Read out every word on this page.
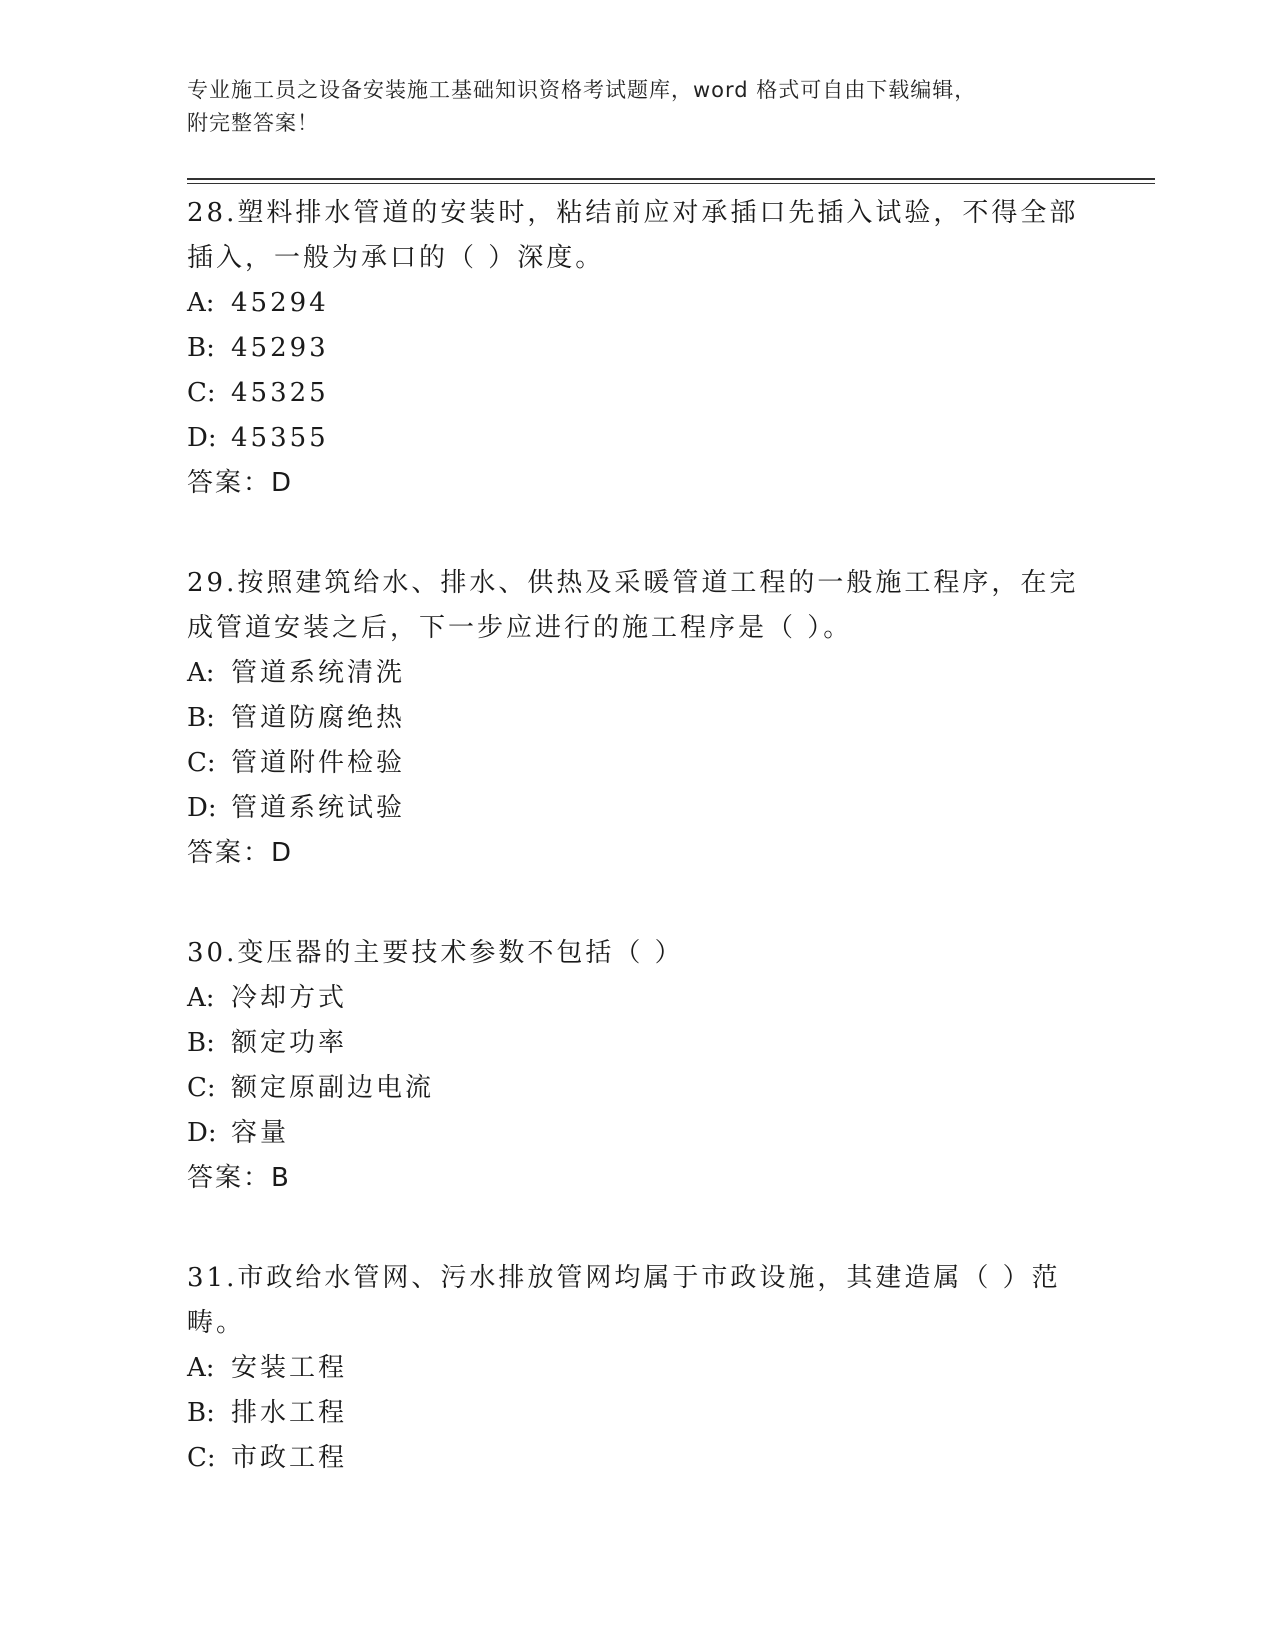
专业施工员之设备安装施工基础知识资格考试题库，word 格式可自由下载编辑，
附完整答案！
28.塑料排水管道的安装时，粘结前应对承插口先插入试验，不得全部插入，一般为承口的（ ）深度。
A: 45294
B: 45293
C: 45325
D: 45355
答案：D
29.按照建筑给水、排水、供热及采暖管道工程的一般施工程序，在完成管道安装之后，下一步应进行的施工程序是（ ）。
A: 管道系统清洗
B: 管道防腐绝热
C: 管道附件检验
D: 管道系统试验
答案：D
30.变压器的主要技术参数不包括（ ）
A: 冷却方式
B: 额定功率
C: 额定原副边电流
D: 容量
答案：B
31.市政给水管网、污水排放管网均属于市政设施，其建造属（ ）范畴。
A: 安装工程
B: 排水工程
C: 市政工程
